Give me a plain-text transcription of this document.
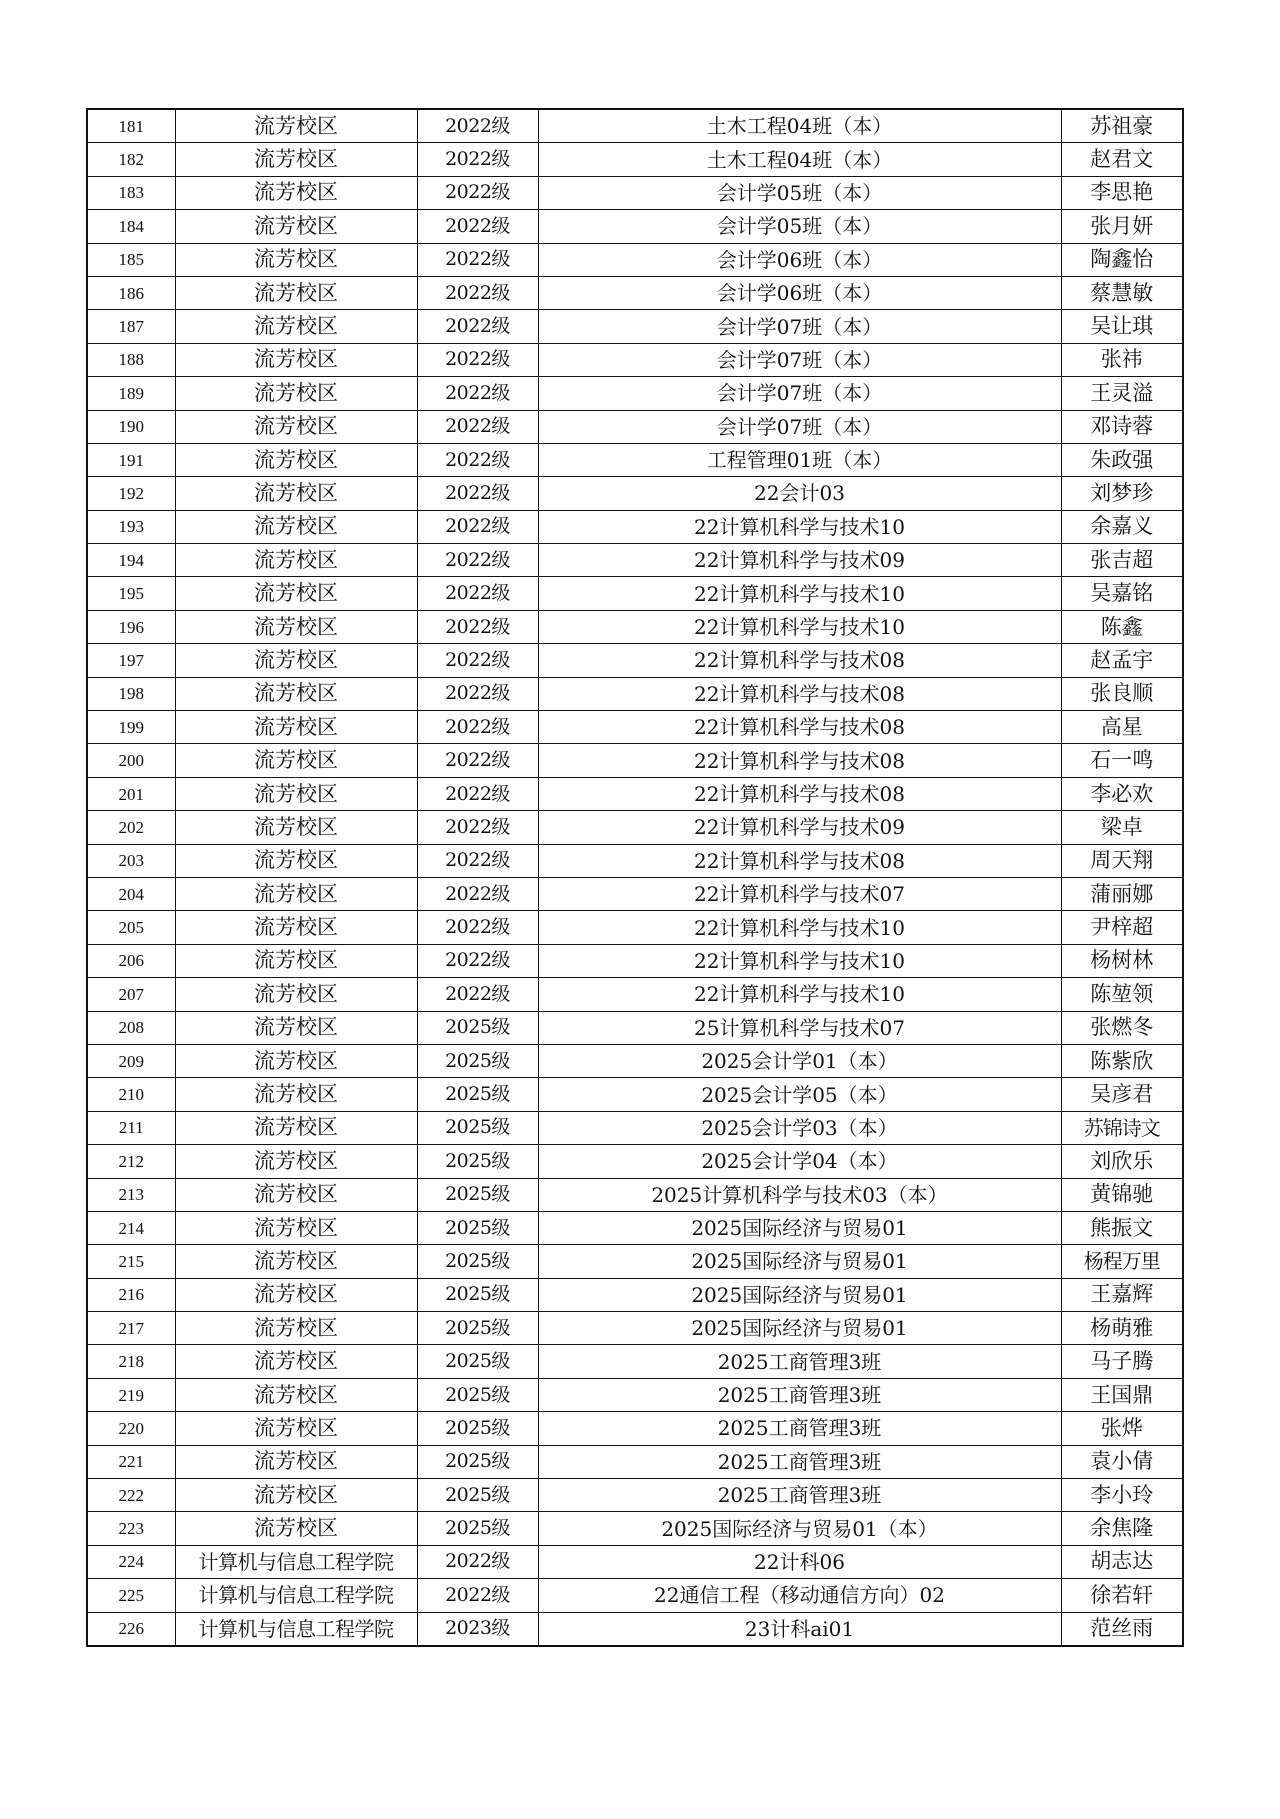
181	流芳校区	2022级	土木工程04班（本）	苏祖豪
182	流芳校区	2022级	土木工程04班（本）	赵君文
183	流芳校区	2022级	会计学05班（本）	李思艳
184	流芳校区	2022级	会计学05班（本）	张月妍
185	流芳校区	2022级	会计学06班（本）	陶鑫怡
186	流芳校区	2022级	会计学06班（本）	蔡慧敏
187	流芳校区	2022级	会计学07班（本）	吴让琪
188	流芳校区	2022级	会计学07班（本）	张祎
189	流芳校区	2022级	会计学07班（本）	王灵溢
190	流芳校区	2022级	会计学07班（本）	邓诗蓉
191	流芳校区	2022级	工程管理01班（本）	朱政强
192	流芳校区	2022级	22会计03	刘梦珍
193	流芳校区	2022级	22计算机科学与技术10	余嘉义
194	流芳校区	2022级	22计算机科学与技术09	张吉超
195	流芳校区	2022级	22计算机科学与技术10	吴嘉铭
196	流芳校区	2022级	22计算机科学与技术10	陈鑫
197	流芳校区	2022级	22计算机科学与技术08	赵孟宇
198	流芳校区	2022级	22计算机科学与技术08	张良顺
199	流芳校区	2022级	22计算机科学与技术08	高星
200	流芳校区	2022级	22计算机科学与技术08	石一鸣
201	流芳校区	2022级	22计算机科学与技术08	李必欢
202	流芳校区	2022级	22计算机科学与技术09	梁卓
203	流芳校区	2022级	22计算机科学与技术08	周天翔
204	流芳校区	2022级	22计算机科学与技术07	蒲丽娜
205	流芳校区	2022级	22计算机科学与技术10	尹梓超
206	流芳校区	2022级	22计算机科学与技术10	杨树林
207	流芳校区	2022级	22计算机科学与技术10	陈堃领
208	流芳校区	2025级	25计算机科学与技术07	张燃冬
209	流芳校区	2025级	2025会计学01（本）	陈紫欣
210	流芳校区	2025级	2025会计学05（本）	吴彦君
211	流芳校区	2025级	2025会计学03（本）	苏锦诗文
212	流芳校区	2025级	2025会计学04（本）	刘欣乐
213	流芳校区	2025级	2025计算机科学与技术03（本）	黄锦驰
214	流芳校区	2025级	2025国际经济与贸易01	熊振文
215	流芳校区	2025级	2025国际经济与贸易01	杨程万里
216	流芳校区	2025级	2025国际经济与贸易01	王嘉辉
217	流芳校区	2025级	2025国际经济与贸易01	杨萌雅
218	流芳校区	2025级	2025工商管理3班	马子腾
219	流芳校区	2025级	2025工商管理3班	王国鼎
220	流芳校区	2025级	2025工商管理3班	张烨
221	流芳校区	2025级	2025工商管理3班	袁小倩
222	流芳校区	2025级	2025工商管理3班	李小玲
223	流芳校区	2025级	2025国际经济与贸易01（本）	余焦隆
224	计算机与信息工程学院	2022级	22计科06	胡志达
225	计算机与信息工程学院	2022级	22通信工程（移动通信方向）02	徐若轩
226	计算机与信息工程学院	2023级	23计科ai01	范丝雨
